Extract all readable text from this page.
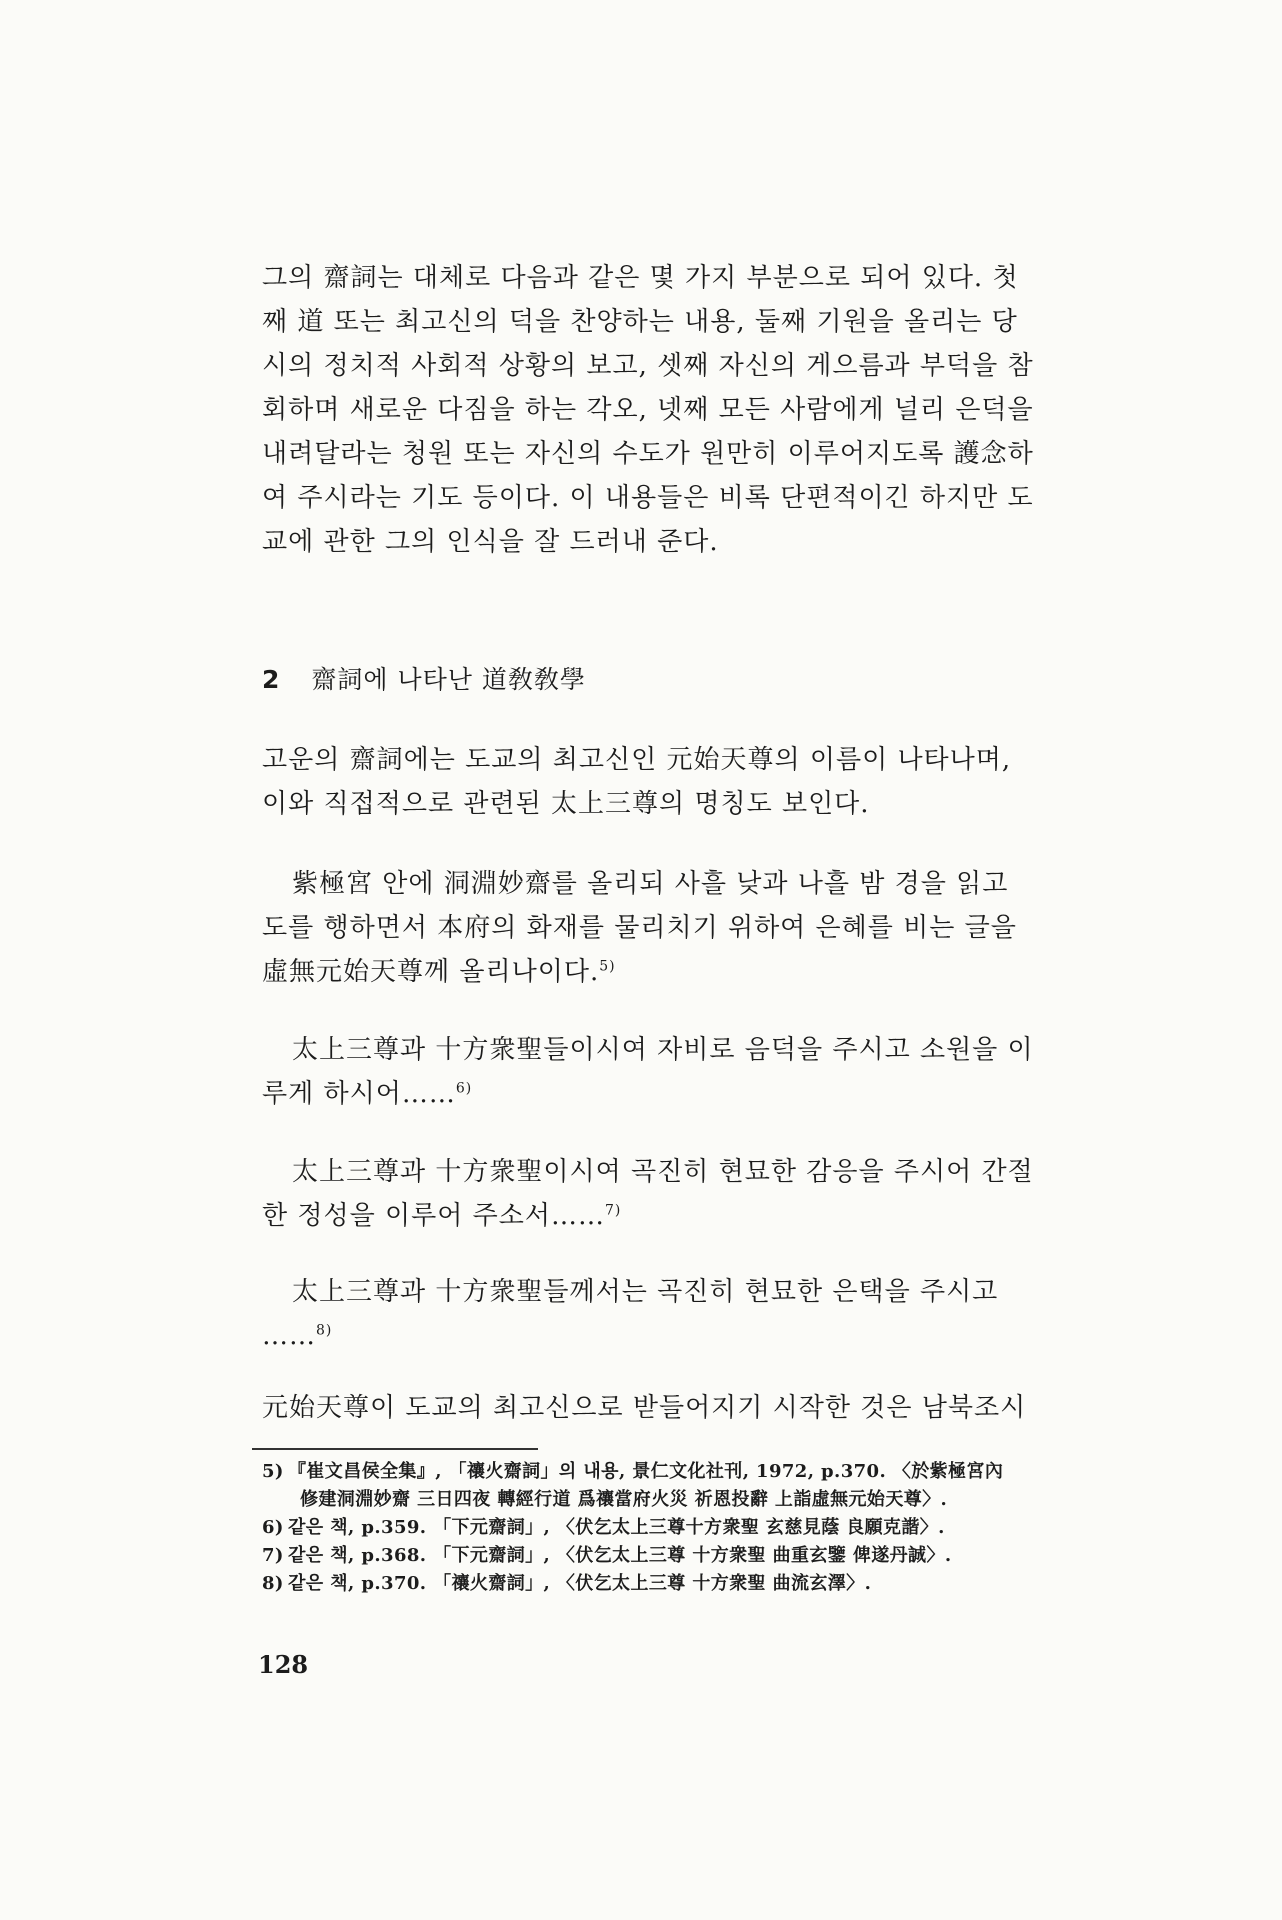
그의 齋詞는 대체로 다음과 같은 몇 가지 부분으로 되어 있다. 첫
째 道 또는 최고신의 덕을 찬양하는 내용, 둘째 기원을 올리는 당
시의 정치적 사회적 상황의 보고, 셋째 자신의 게으름과 부덕을 참
회하며 새로운 다짐을 하는 각오, 넷째 모든 사람에게 널리 은덕을
내려달라는 청원 또는 자신의 수도가 원만히 이루어지도록 護念하
여 주시라는 기도 등이다. 이 내용들은 비록 단편적이긴 하지만 도
교에 관한 그의 인식을 잘 드러내 준다.
2 齋詞에 나타난 道敎敎學
고운의 齋詞에는 도교의 최고신인 元始天尊의 이름이 나타나며,
이와 직접적으로 관련된 太上三尊의 명칭도 보인다.
紫極宮 안에 洞淵妙齋를 올리되 사흘 낮과 나흘 밤 경을 읽고
도를 행하면서 本府의 화재를 물리치기 위하여 은혜를 비는 글을
虛無元始天尊께 올리나이다.$^{5)}$
太上三尊과 十方衆聖들이시여 자비로 음덕을 주시고 소원을 이
루게 하시어……$^{6)}$
太上三尊과 十方衆聖이시여 곡진히 현묘한 감응을 주시어 간절
한 정성을 이루어 주소서……$^{7)}$
太上三尊과 十方衆聖들께서는 곡진히 현묘한 은택을 주시고
……$^{8)}$
元始天尊이 도교의 최고신으로 받들어지기 시작한 것은 남북조시
5) 『崔文昌侯全集』, 「禳火齋詞」의 내용, 景仁文化社刊, 1972, p.370. 〈於紫極宮內
修建洞淵妙齋 三日四夜 轉經行道 爲禳當府火災 祈恩投辭 上詣虛無元始天尊〉.
6) 같은 책, p.359. 「下元齋詞」, 〈伏乞太上三尊十方衆聖 玄慈見蔭 良願克諧〉.
7) 같은 책, p.368. 「下元齋詞」, 〈伏乞太上三尊 十方衆聖 曲重玄鑒 俾遂丹誠〉.
8) 같은 책, p.370. 「禳火齋詞」, 〈伏乞太上三尊 十方衆聖 曲流玄澤〉.
128
